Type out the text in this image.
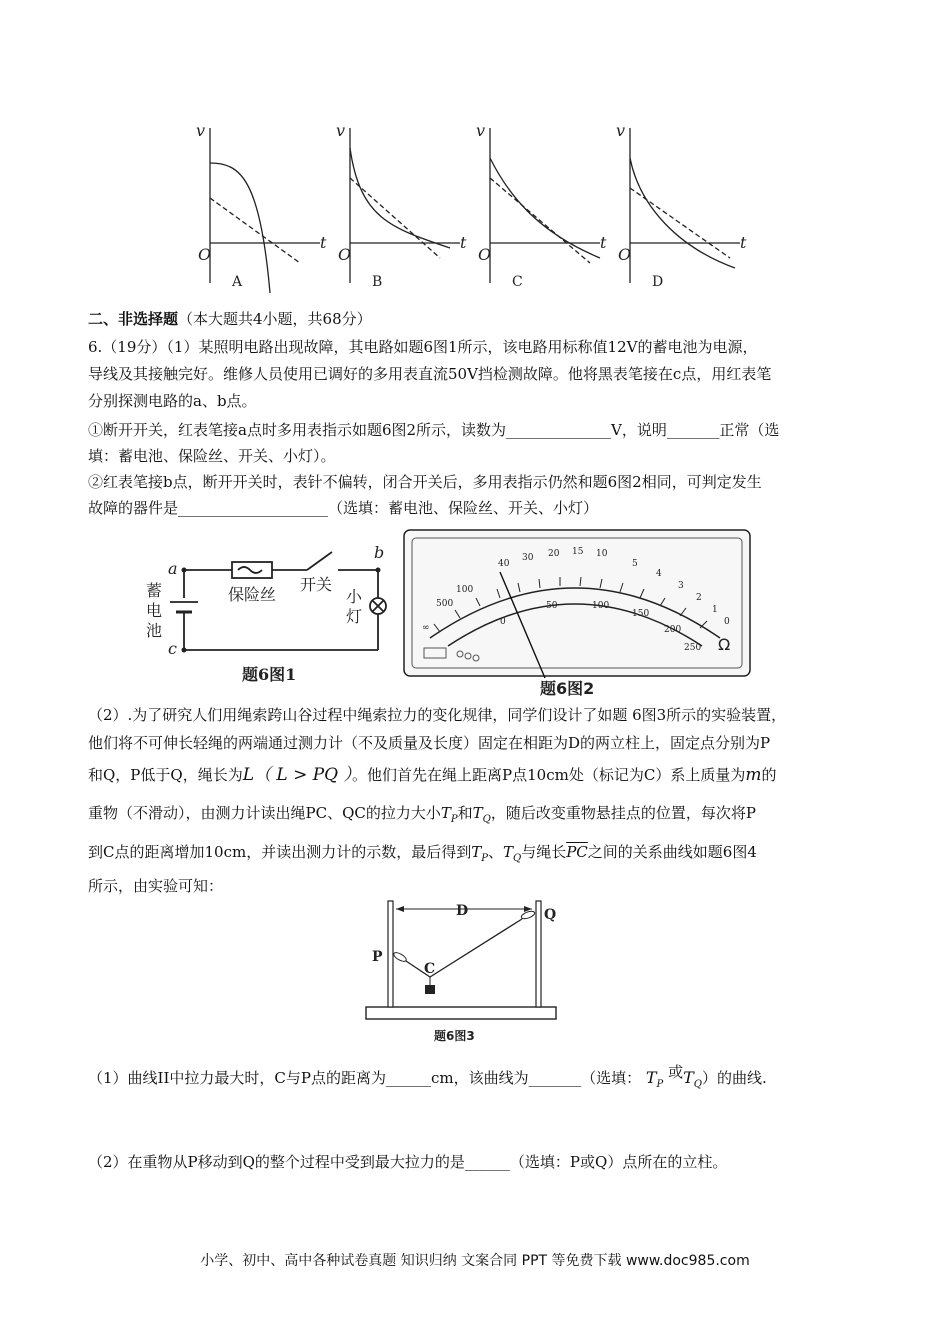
v
t
O
v
t
O
v
t
O
v
t
O
A	B	C	D
二、非选择题（本大题共4小题，共68分）
6.（19分）（1）某照明电路出现故障，其电路如题6图1所示，该电路用标称值12V的蓄电池为电源，
导线及其接触完好。维修人员使用已调好的多用表直流50V挡检测故障。他将黑表笔接在c点，用红表笔
分别探测电路的a、b点。
①断开开关，红表笔接a点时多用表指示如题6图2所示，读数为______________V，说明_______正常（选
填：蓄电池、保险丝、开关、小灯）。
②红表笔接b点，断开开关时，表针不偏转，闭合开关后，多用表指示仍然和题6图2相同，可判定发生
故障的器件是____________________（选填：蓄电池、保险丝、开关、小灯）
a
b
c
蓄
电
池
保险丝
开关
小
灯
题6图1
∞
500
100
40
30 20 15 10
5
4
3
2
1
0
0
50	100
150
200
250 Ω
题6图2
（2）.为了研究人们用绳索跨山谷过程中绳索拉力的变化规律，同学们设计了如题 6图3所示的实验装置，
他们将不可伸长轻绳的两端通过测力计（不及质量及长度）固定在相距为D的两立柱上，固定点分别为P
和Q，P低于Q，绳长为L（ L > PQ ）。他们首先在绳上距离P点10cm处（标记为C）系上质量为m的
重物（不滑动），由测力计读出绳PC、QC的拉力大小$T_P$和$T_Q$，随后改变重物悬挂点的位置，每次将P
到C点的距离增加10cm，并读出测力计的示数，最后得到$T_P$、$T_Q$与绳长$\overline{PC}$之间的关系曲线如题6图4
所示，由实验可知：
D
P
Q
C
题6图3
（1）曲线II中拉力最大时，C与P点的距离为______cm，该曲线为_______（选填： $T_P$ 或$T_Q$）的曲线.
（2）在重物从P移动到Q的整个过程中受到最大拉力的是______（选填：P或Q）点所在的立柱。
小学、初中、高中各种试卷真题 知识归纳 文案合同 PPT 等免费下载 www.doc985.com
